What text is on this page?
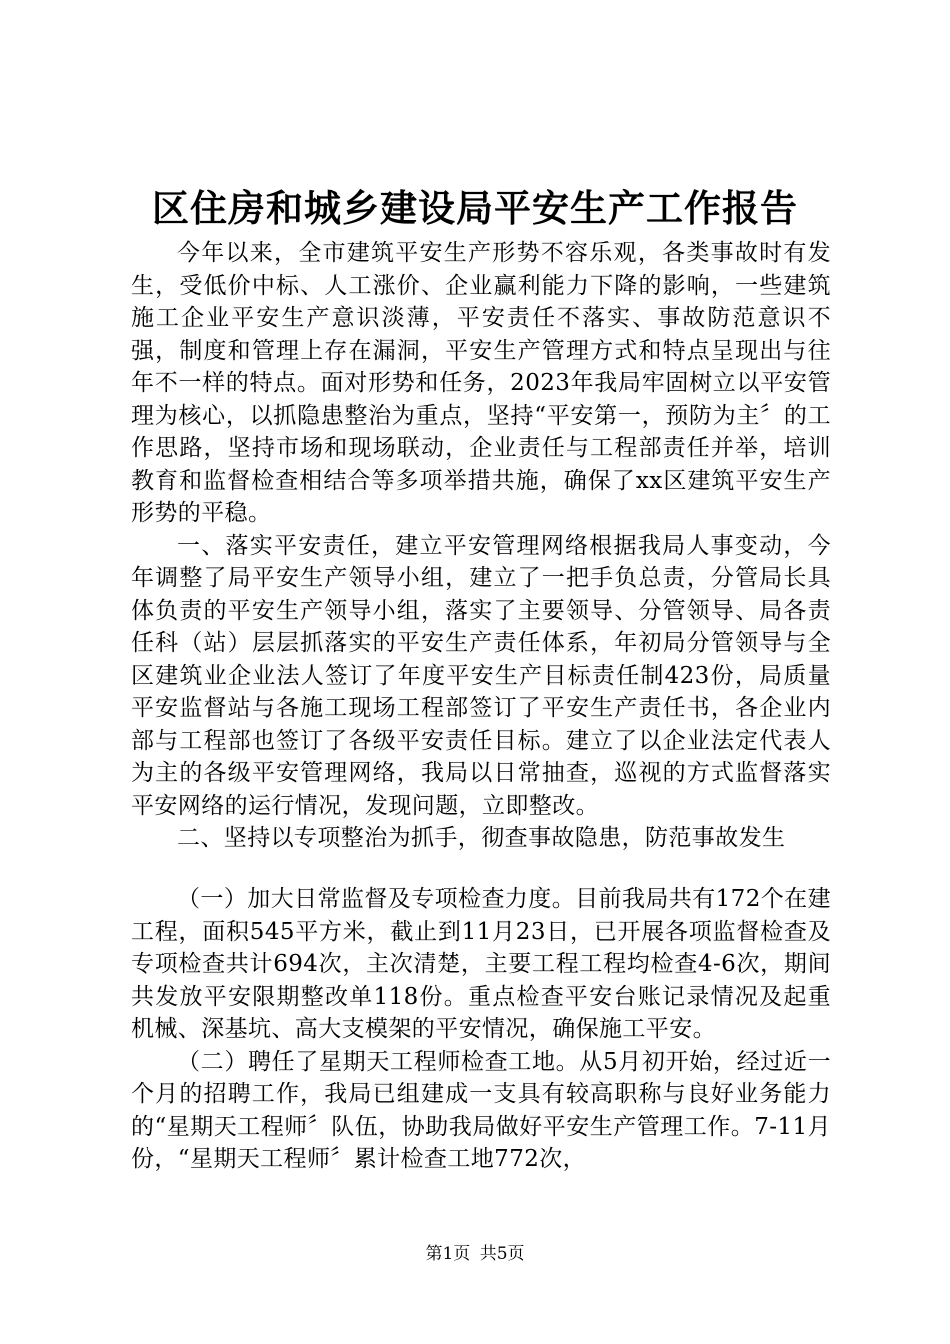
区住房和城乡建设局平安生产工作报告

今年以来，全市建筑平安生产形势不容乐观，各类事故时有发生，受低价中标、人工涨价、企业赢利能力下降的影响，一些建筑施工企业平安生产意识淡薄，平安责任不落实、事故防范意识不强，制度和管理上存在漏洞，平安生产管理方式和特点呈现出与往年不一样的特点。面对形势和任务，2023年我局牢固树立以平安管理为核心，以抓隐患整治为重点，坚持“平安第一，预防为主〞的工作思路，坚持市场和现场联动，企业责任与工程部责任并举，培训教育和监督检查相结合等多项举措共施，确保了xx区建筑平安生产形势的平稳。

一、落实平安责任，建立平安管理网络根据我局人事变动，今年调整了局平安生产领导小组，建立了一把手负总责，分管局长具体负责的平安生产领导小组，落实了主要领导、分管领导、局各责任科（站）层层抓落实的平安生产责任体系，年初局分管领导与全区建筑业企业法人签订了年度平安生产目标责任制423份，局质量平安监督站与各施工现场工程部签订了平安生产责任书，各企业内部与工程部也签订了各级平安责任目标。建立了以企业法定代表人为主的各级平安管理网络，我局以日常抽查，巡视的方式监督落实平安网络的运行情况，发现问题，立即整改。

二、坚持以专项整治为抓手，彻查事故隐患，防范事故发生

（一）加大日常监督及专项检查力度。目前我局共有172个在建工程，面积545平方米，截止到11月23日，已开展各项监督检查及专项检查共计694次，主次清楚，主要工程工程均检查4-6次，期间共发放平安限期整改单118份。重点检查平安台账记录情况及起重机械、深基坑、高大支模架的平安情况，确保施工平安。

（二）聘任了星期天工程师检查工地。从5月初开始，经过近一个月的招聘工作，我局已组建成一支具有较高职称与良好业务能力的“星期天工程师〞队伍，协助我局做好平安生产管理工作。7-11月份，“星期天工程师〞累计检查工地772次，

第1页 共5页
